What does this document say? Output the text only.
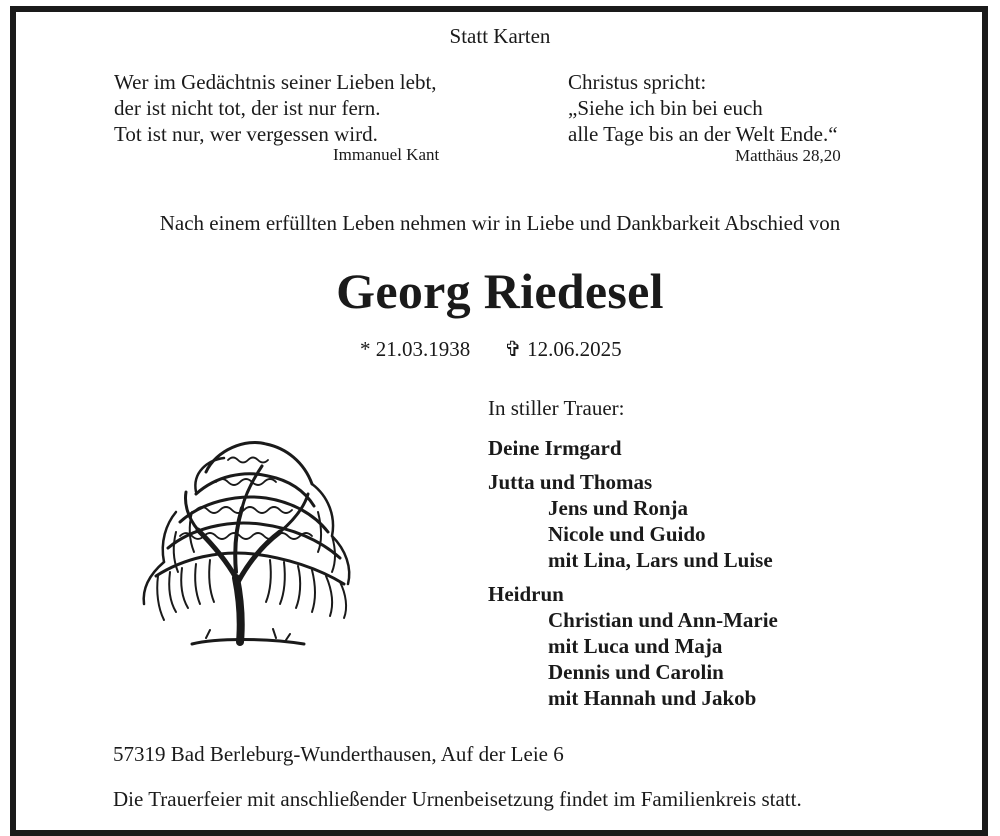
Statt Karten
Wer im Gedächtnis seiner Lieben lebt,
der ist nicht tot, der ist nur fern.
Tot ist nur, wer vergessen wird.
Immanuel Kant
Christus spricht:
„Siehe ich bin bei euch
alle Tage bis an der Welt Ende.“
Matthäus 28,20
Nach einem erfüllten Leben nehmen wir in Liebe und Dankbarkeit Abschied von
Georg Riedesel
* 21.03.1938 ✞ 12.06.2025
In stiller Trauer:
Deine Irmgard
Jutta und Thomas
Jens und Ronja
Nicole und Guido
mit Lina, Lars und Luise
Heidrun
Christian und Ann-Marie
mit Luca und Maja
Dennis und Carolin
mit Hannah und Jakob
57319 Bad Berleburg-Wunderthausen, Auf der Leie 6
Die Trauerfeier mit anschließender Urnenbeisetzung findet im Familienkreis statt.
